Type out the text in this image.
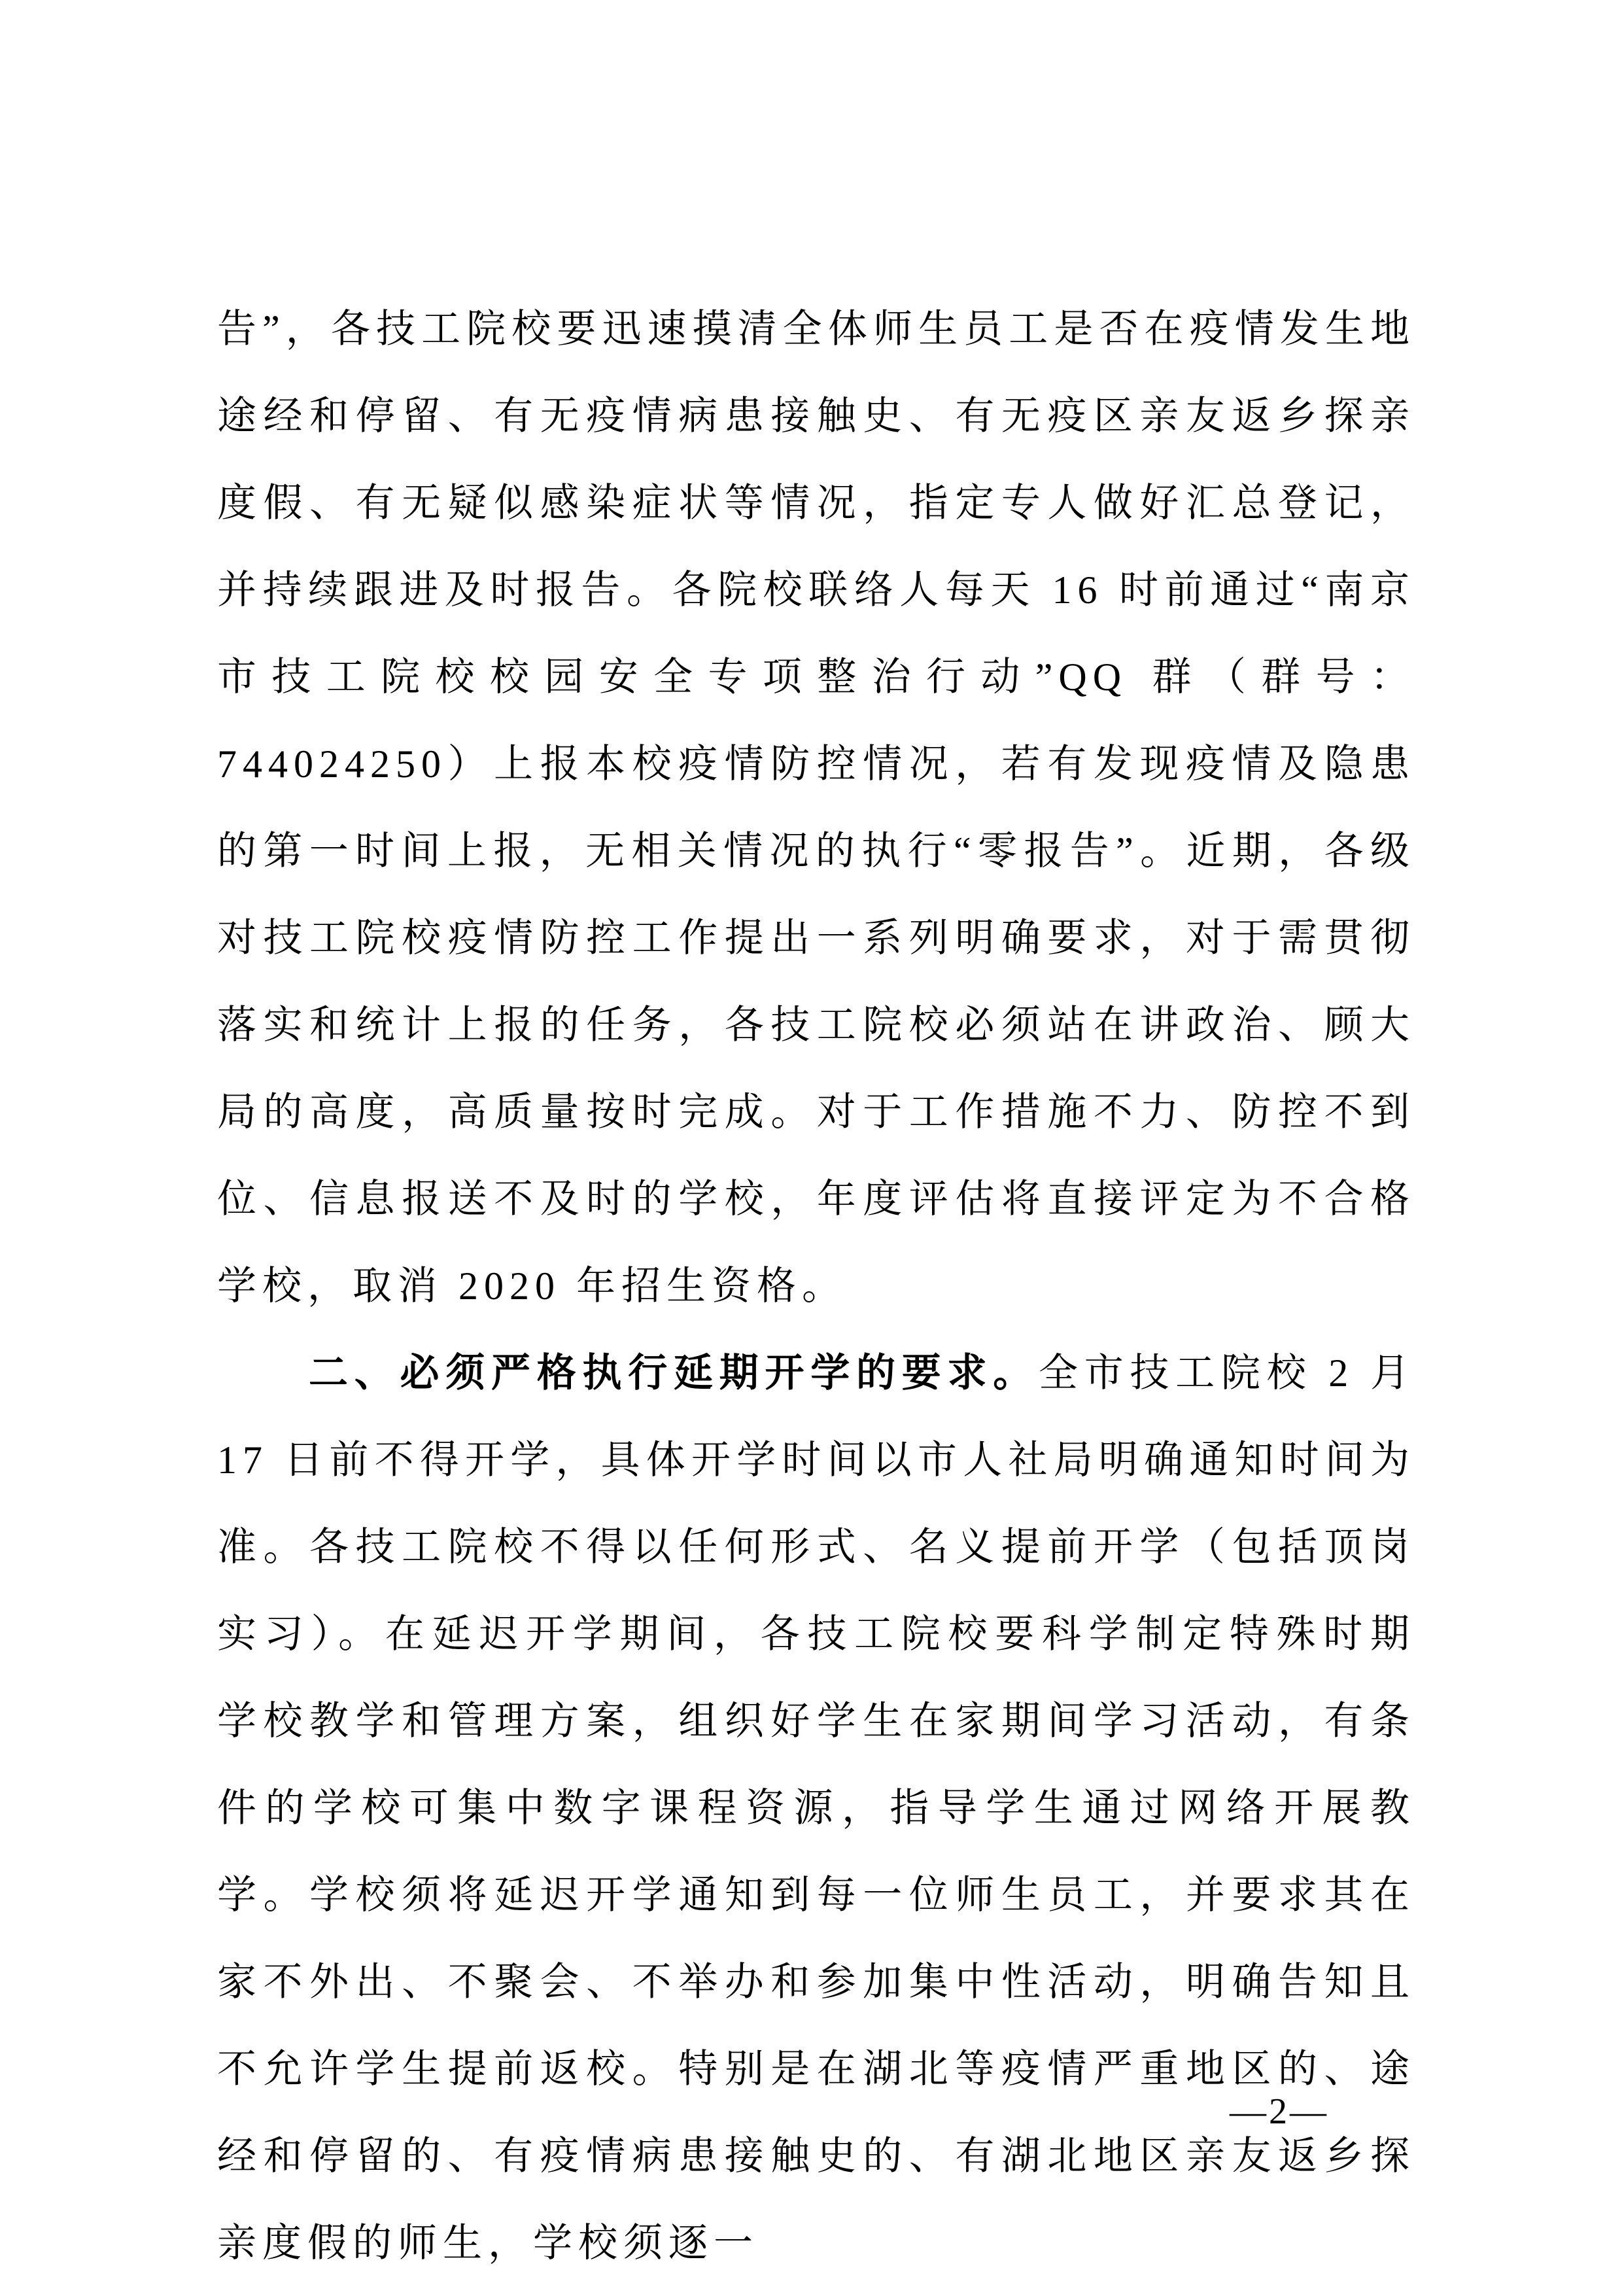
告”，各技工院校要迅速摸清全体师生员工是否在疫情发生地途经和停留、有无疫情病患接触史、有无疫区亲友返乡探亲度假、有无疑似感染症状等情况，指定专人做好汇总登记，并持续跟进及时报告。各院校联络人每天 16 时前通过“南京市技工院校校园安全专项整治行动”QQ 群（群号：744024250）上报本校疫情防控情况，若有发现疫情及隐患的第一时间上报，无相关情况的执行“零报告”。近期，各级对技工院校疫情防控工作提出一系列明确要求，对于需贯彻落实和统计上报的任务，各技工院校必须站在讲政治、顾大局的高度，高质量按时完成。对于工作措施不力、防控不到位、信息报送不及时的学校，年度评估将直接评定为不合格学校，取消 2020 年招生资格。

二、必须严格执行延期开学的要求。全市技工院校 2 月 17 日前不得开学，具体开学时间以市人社局明确通知时间为准。各技工院校不得以任何形式、名义提前开学（包括顶岗实习）。在延迟开学期间，各技工院校要科学制定特殊时期学校教学和管理方案，组织好学生在家期间学习活动，有条件的学校可集中数字课程资源，指导学生通过网络开展教学。学校须将延迟开学通知到每一位师生员工，并要求其在家不外出、不聚会、不举办和参加集中性活动，明确告知且不允许学生提前返校。特别是在湖北等疫情严重地区的、途经和停留的、有疫情病患接触史的、有湖北地区亲友返乡探亲度假的师生，学校须逐一

—2—
